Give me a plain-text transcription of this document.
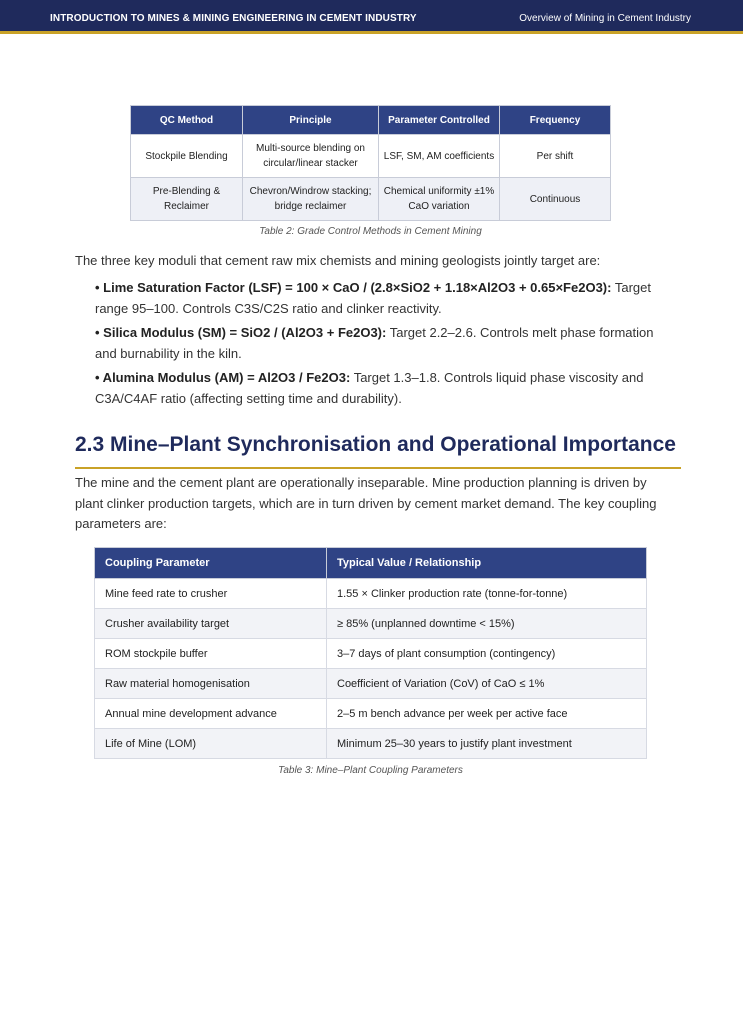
INTRODUCTION TO MINES & MINING ENGINEERING IN CEMENT INDUSTRY	Overview of Mining in Cement Industry
QC Method	Principle	Parameter Controlled	Frequency
Stockpile Blending	Multi-source blending on circular/linear stacker	LSF, SM, AM coefficients	Per shift
Pre-Blending & Reclaimer	Chevron/Windrow stacking; bridge reclaimer	Chemical uniformity ±1% CaO variation	Continuous
Table 2: Grade Control Methods in Cement Mining
The three key moduli that cement raw mix chemists and mining geologists jointly target are:
• Lime Saturation Factor (LSF) = 100 × CaO / (2.8×SiO2 + 1.18×Al2O3 + 0.65×Fe2O3): Target range 95–100. Controls C3S/C2S ratio and clinker reactivity.
• Silica Modulus (SM) = SiO2 / (Al2O3 + Fe2O3): Target 2.2–2.6. Controls melt phase formation and burnability in the kiln.
• Alumina Modulus (AM) = Al2O3 / Fe2O3: Target 1.3–1.8. Controls liquid phase viscosity and C3A/C4AF ratio (affecting setting time and durability).
2.3 Mine–Plant Synchronisation and Operational Importance
The mine and the cement plant are operationally inseparable. Mine production planning is driven by plant clinker production targets, which are in turn driven by cement market demand. The key coupling parameters are:
Coupling Parameter	Typical Value / Relationship
Mine feed rate to crusher	1.55 × Clinker production rate (tonne-for-tonne)
Crusher availability target	≥ 85% (unplanned downtime < 15%)
ROM stockpile buffer	3–7 days of plant consumption (contingency)
Raw material homogenisation	Coefficient of Variation (CoV) of CaO ≤ 1%
Annual mine development advance	2–5 m bench advance per week per active face
Life of Mine (LOM)	Minimum 25–30 years to justify plant investment
Table 3: Mine–Plant Coupling Parameters
